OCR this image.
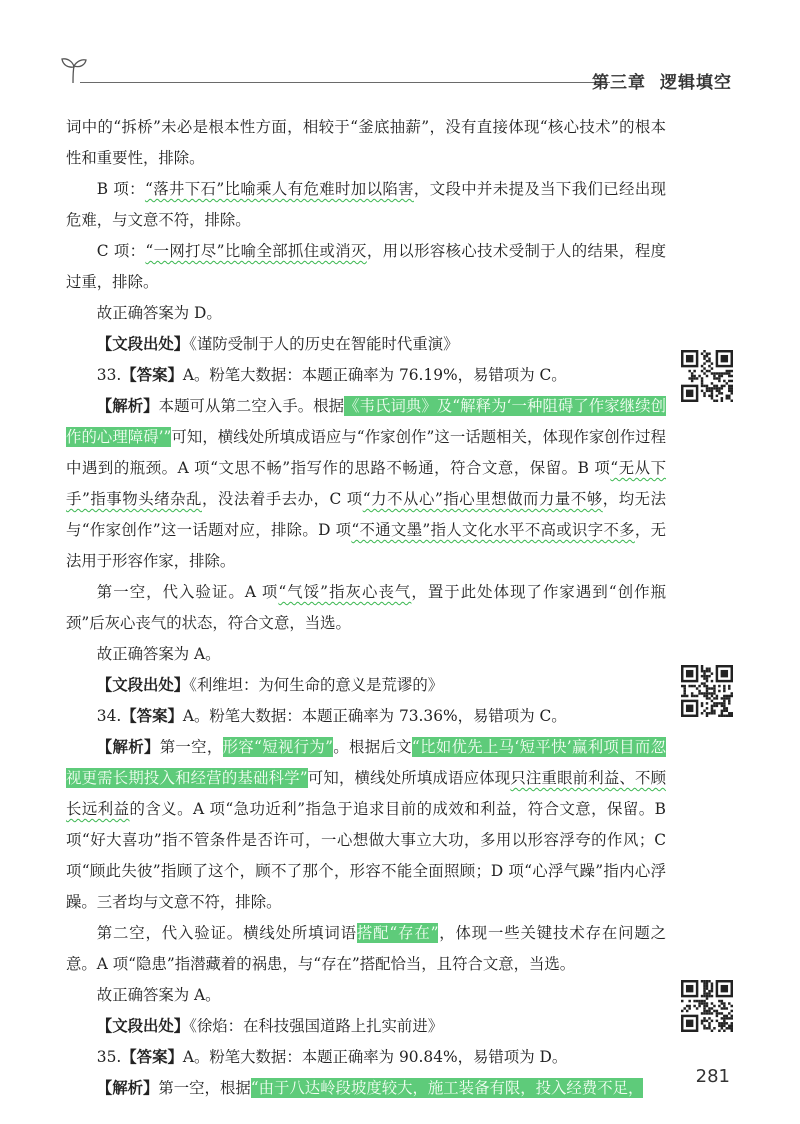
第三章 逻辑填空

词中的“拆桥”未必是根本性方面，相较于“釜底抽薪”，没有直接体现“核心技术”的根本性和重要性，排除。

B 项：“落井下石”比喻乘人有危难时加以陷害，文段中并未提及当下我们已经出现危难，与文意不符，排除。

C 项：“一网打尽”比喻全部抓住或消灭，用以形容核心技术受制于人的结果，程度过重，排除。

故正确答案为 D。

【文段出处】《谨防受制于人的历史在智能时代重演》

33.【答案】A。粉笔大数据：本题正确率为 76.19%，易错项为 C。

【解析】本题可从第二空入手。根据《韦氏词典》及“解释为‘一种阻碍了作家继续创作的心理障碍’”可知，横线处所填成语应与“作家创作”这一话题相关，体现作家创作过程中遇到的瓶颈。A 项“文思不畅”指写作的思路不畅通，符合文意，保留。B 项“无从下手”指事物头绪杂乱，没法着手去办，C 项“力不从心”指心里想做而力量不够，均无法与“作家创作”这一话题对应，排除。D 项“不通文墨”指人文化水平不高或识字不多，无法用于形容作家，排除。

第一空，代入验证。A 项“气馁”指灰心丧气，置于此处体现了作家遇到“创作瓶颈”后灰心丧气的状态，符合文意，当选。

故正确答案为 A。

【文段出处】《利维坦：为何生命的意义是荒谬的》

34.【答案】A。粉笔大数据：本题正确率为 73.36%，易错项为 C。

【解析】第一空，形容“短视行为”。根据后文“比如优先上马‘短平快’赢利项目而忽视更需长期投入和经营的基础科学”可知，横线处所填成语应体现只注重眼前利益、不顾长远利益的含义。A 项“急功近利”指急于追求目前的成效和利益，符合文意，保留。B 项“好大喜功”指不管条件是否许可，一心想做大事立大功，多用以形容浮夸的作风；C 项“顾此失彼”指顾了这个，顾不了那个，形容不能全面照顾；D 项“心浮气躁”指内心浮躁。三者均与文意不符，排除。

第二空，代入验证。横线处所填词语搭配“存在”，体现一些关键技术存在问题之意。A 项“隐患”指潜藏着的祸患，与“存在”搭配恰当，且符合文意，当选。

故正确答案为 A。

【文段出处】《徐焰：在科技强国道路上扎实前进》

35.【答案】A。粉笔大数据：本题正确率为 90.84%，易错项为 D。

【解析】第一空，根据“由于八达岭段坡度较大，施工装备有限，投入经费不足，

281
